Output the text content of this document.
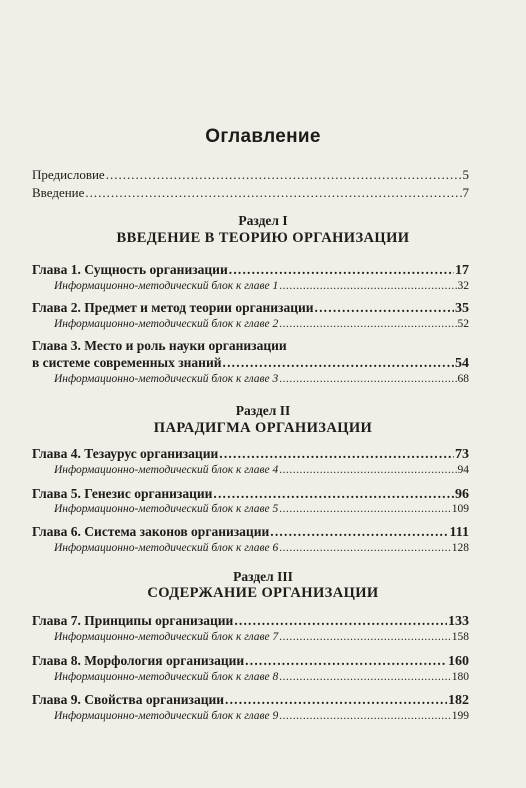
Оглавление
Предисловие .....	5
Введение .....	7
Раздел I
ВВЕДЕНИЕ В ТЕОРИЮ ОРГАНИЗАЦИИ
Глава 1. Сущность организации .....	17
Информационно-методический блок к главе 1 .....	32
Глава 2. Предмет и метод теории организации .....	35
Информационно-методический блок к главе 2 .....	52
Глава 3. Место и роль науки организации
в системе современных знаний .....	54
Информационно-методический блок к главе 3 .....	68
Раздел II
ПАРАДИГМА ОРГАНИЗАЦИИ
Глава 4. Тезаурус организации .....	73
Информационно-методический блок к главе 4 .....	94
Глава 5. Генезис организации .....	96
Информационно-методический блок к главе 5 .....	109
Глава 6. Система законов организации .....	111
Информационно-методический блок к главе 6 .....	128
Раздел III
СОДЕРЖАНИЕ ОРГАНИЗАЦИИ
Глава 7. Принципы организации .....	133
Информационно-методический блок к главе 7 .....	158
Глава 8. Морфология организации .....	160
Информационно-методический блок к главе 8 .....	180
Глава 9. Свойства организации .....	182
Информационно-методический блок к главе 9 .....	199
